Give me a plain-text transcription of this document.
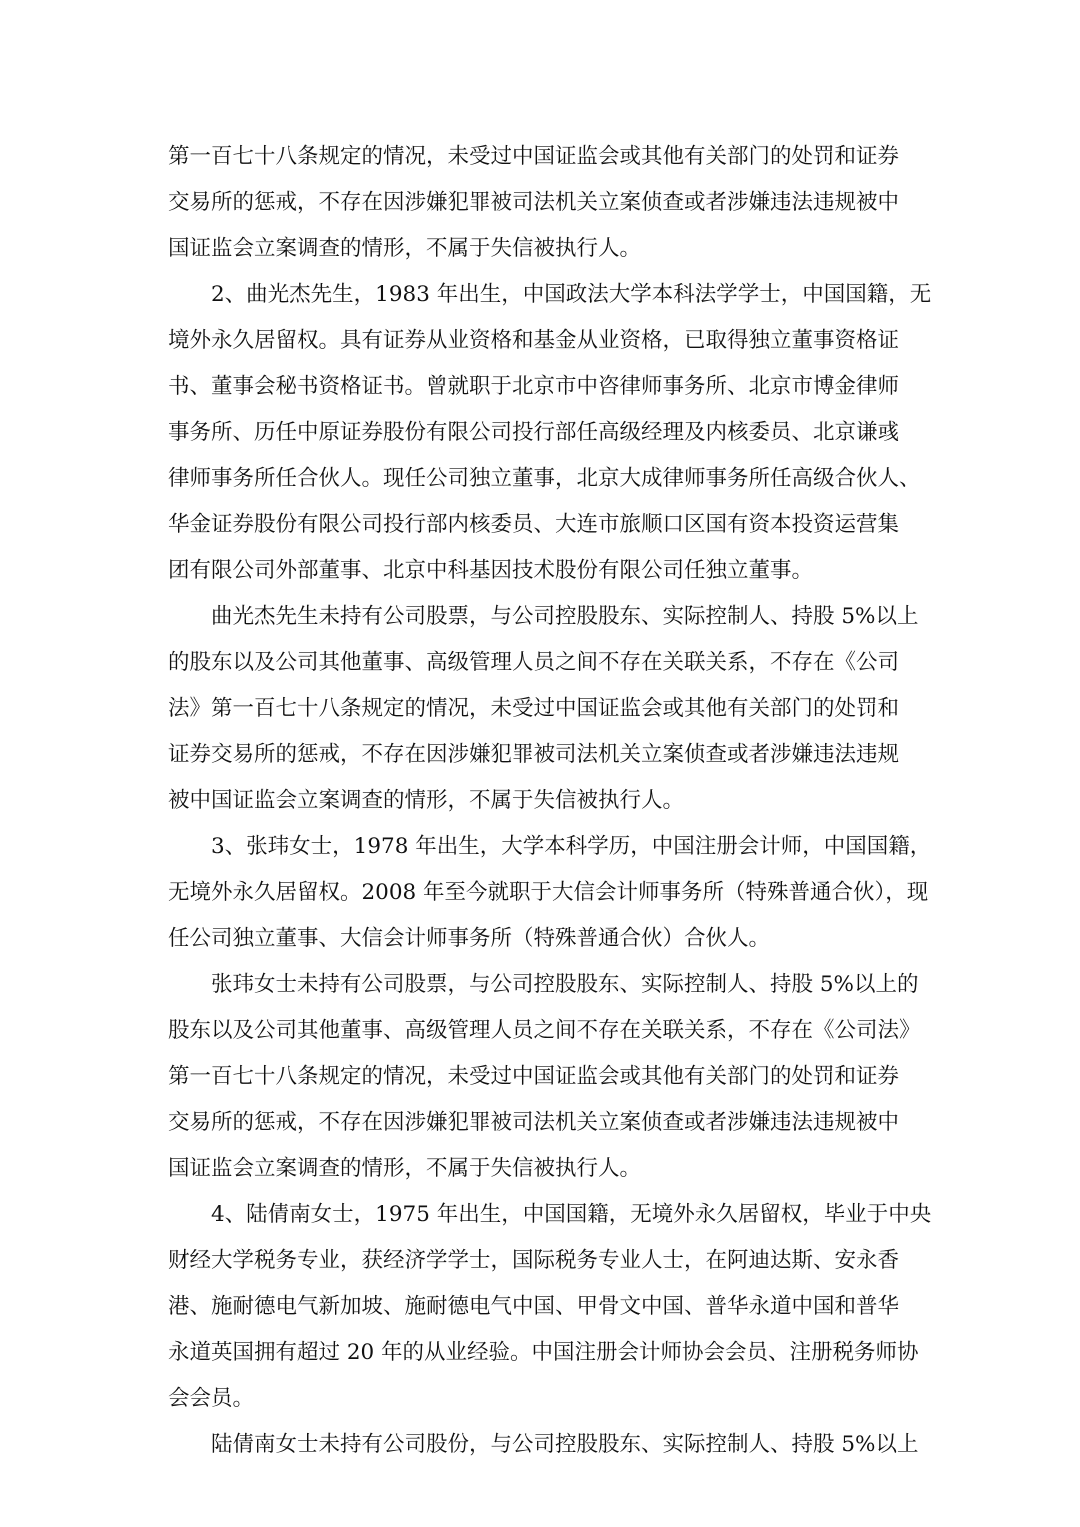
第一百七十八条规定的情况，未受过中国证监会或其他有关部门的处罚和证券

交易所的惩戒，不存在因涉嫌犯罪被司法机关立案侦查或者涉嫌违法违规被中

国证监会立案调查的情形，不属于失信被执行人。

2、曲光杰先生，1983 年出生，中国政法大学本科法学学士，中国国籍，无

境外永久居留权。具有证券从业资格和基金从业资格，已取得独立董事资格证

书、董事会秘书资格证书。曾就职于北京市中咨律师事务所、北京市博金律师

事务所、历任中原证券股份有限公司投行部任高级经理及内核委员、北京谦彧

律师事务所任合伙人。现任公司独立董事，北京大成律师事务所任高级合伙人、

华金证券股份有限公司投行部内核委员、大连市旅顺口区国有资本投资运营集

团有限公司外部董事、北京中科基因技术股份有限公司任独立董事。

曲光杰先生未持有公司股票，与公司控股股东、实际控制人、持股 5%以上

的股东以及公司其他董事、高级管理人员之间不存在关联关系，不存在《公司

法》第一百七十八条规定的情况，未受过中国证监会或其他有关部门的处罚和

证券交易所的惩戒，不存在因涉嫌犯罪被司法机关立案侦查或者涉嫌违法违规

被中国证监会立案调查的情形，不属于失信被执行人。

3、张玮女士，1978 年出生，大学本科学历，中国注册会计师，中国国籍，

无境外永久居留权。2008 年至今就职于大信会计师事务所（特殊普通合伙），现

任公司独立董事、大信会计师事务所（特殊普通合伙）合伙人。

张玮女士未持有公司股票，与公司控股股东、实际控制人、持股 5%以上的

股东以及公司其他董事、高级管理人员之间不存在关联关系，不存在《公司法》

第一百七十八条规定的情况，未受过中国证监会或其他有关部门的处罚和证券

交易所的惩戒，不存在因涉嫌犯罪被司法机关立案侦查或者涉嫌违法违规被中

国证监会立案调查的情形，不属于失信被执行人。

4、陆倩南女士，1975 年出生，中国国籍，无境外永久居留权，毕业于中央

财经大学税务专业，获经济学学士，国际税务专业人士，在阿迪达斯、安永香

港、施耐德电气新加坡、施耐德电气中国、甲骨文中国、普华永道中国和普华

永道英国拥有超过 20 年的从业经验。中国注册会计师协会会员、注册税务师协

会会员。

陆倩南女士未持有公司股份，与公司控股股东、实际控制人、持股 5%以上
